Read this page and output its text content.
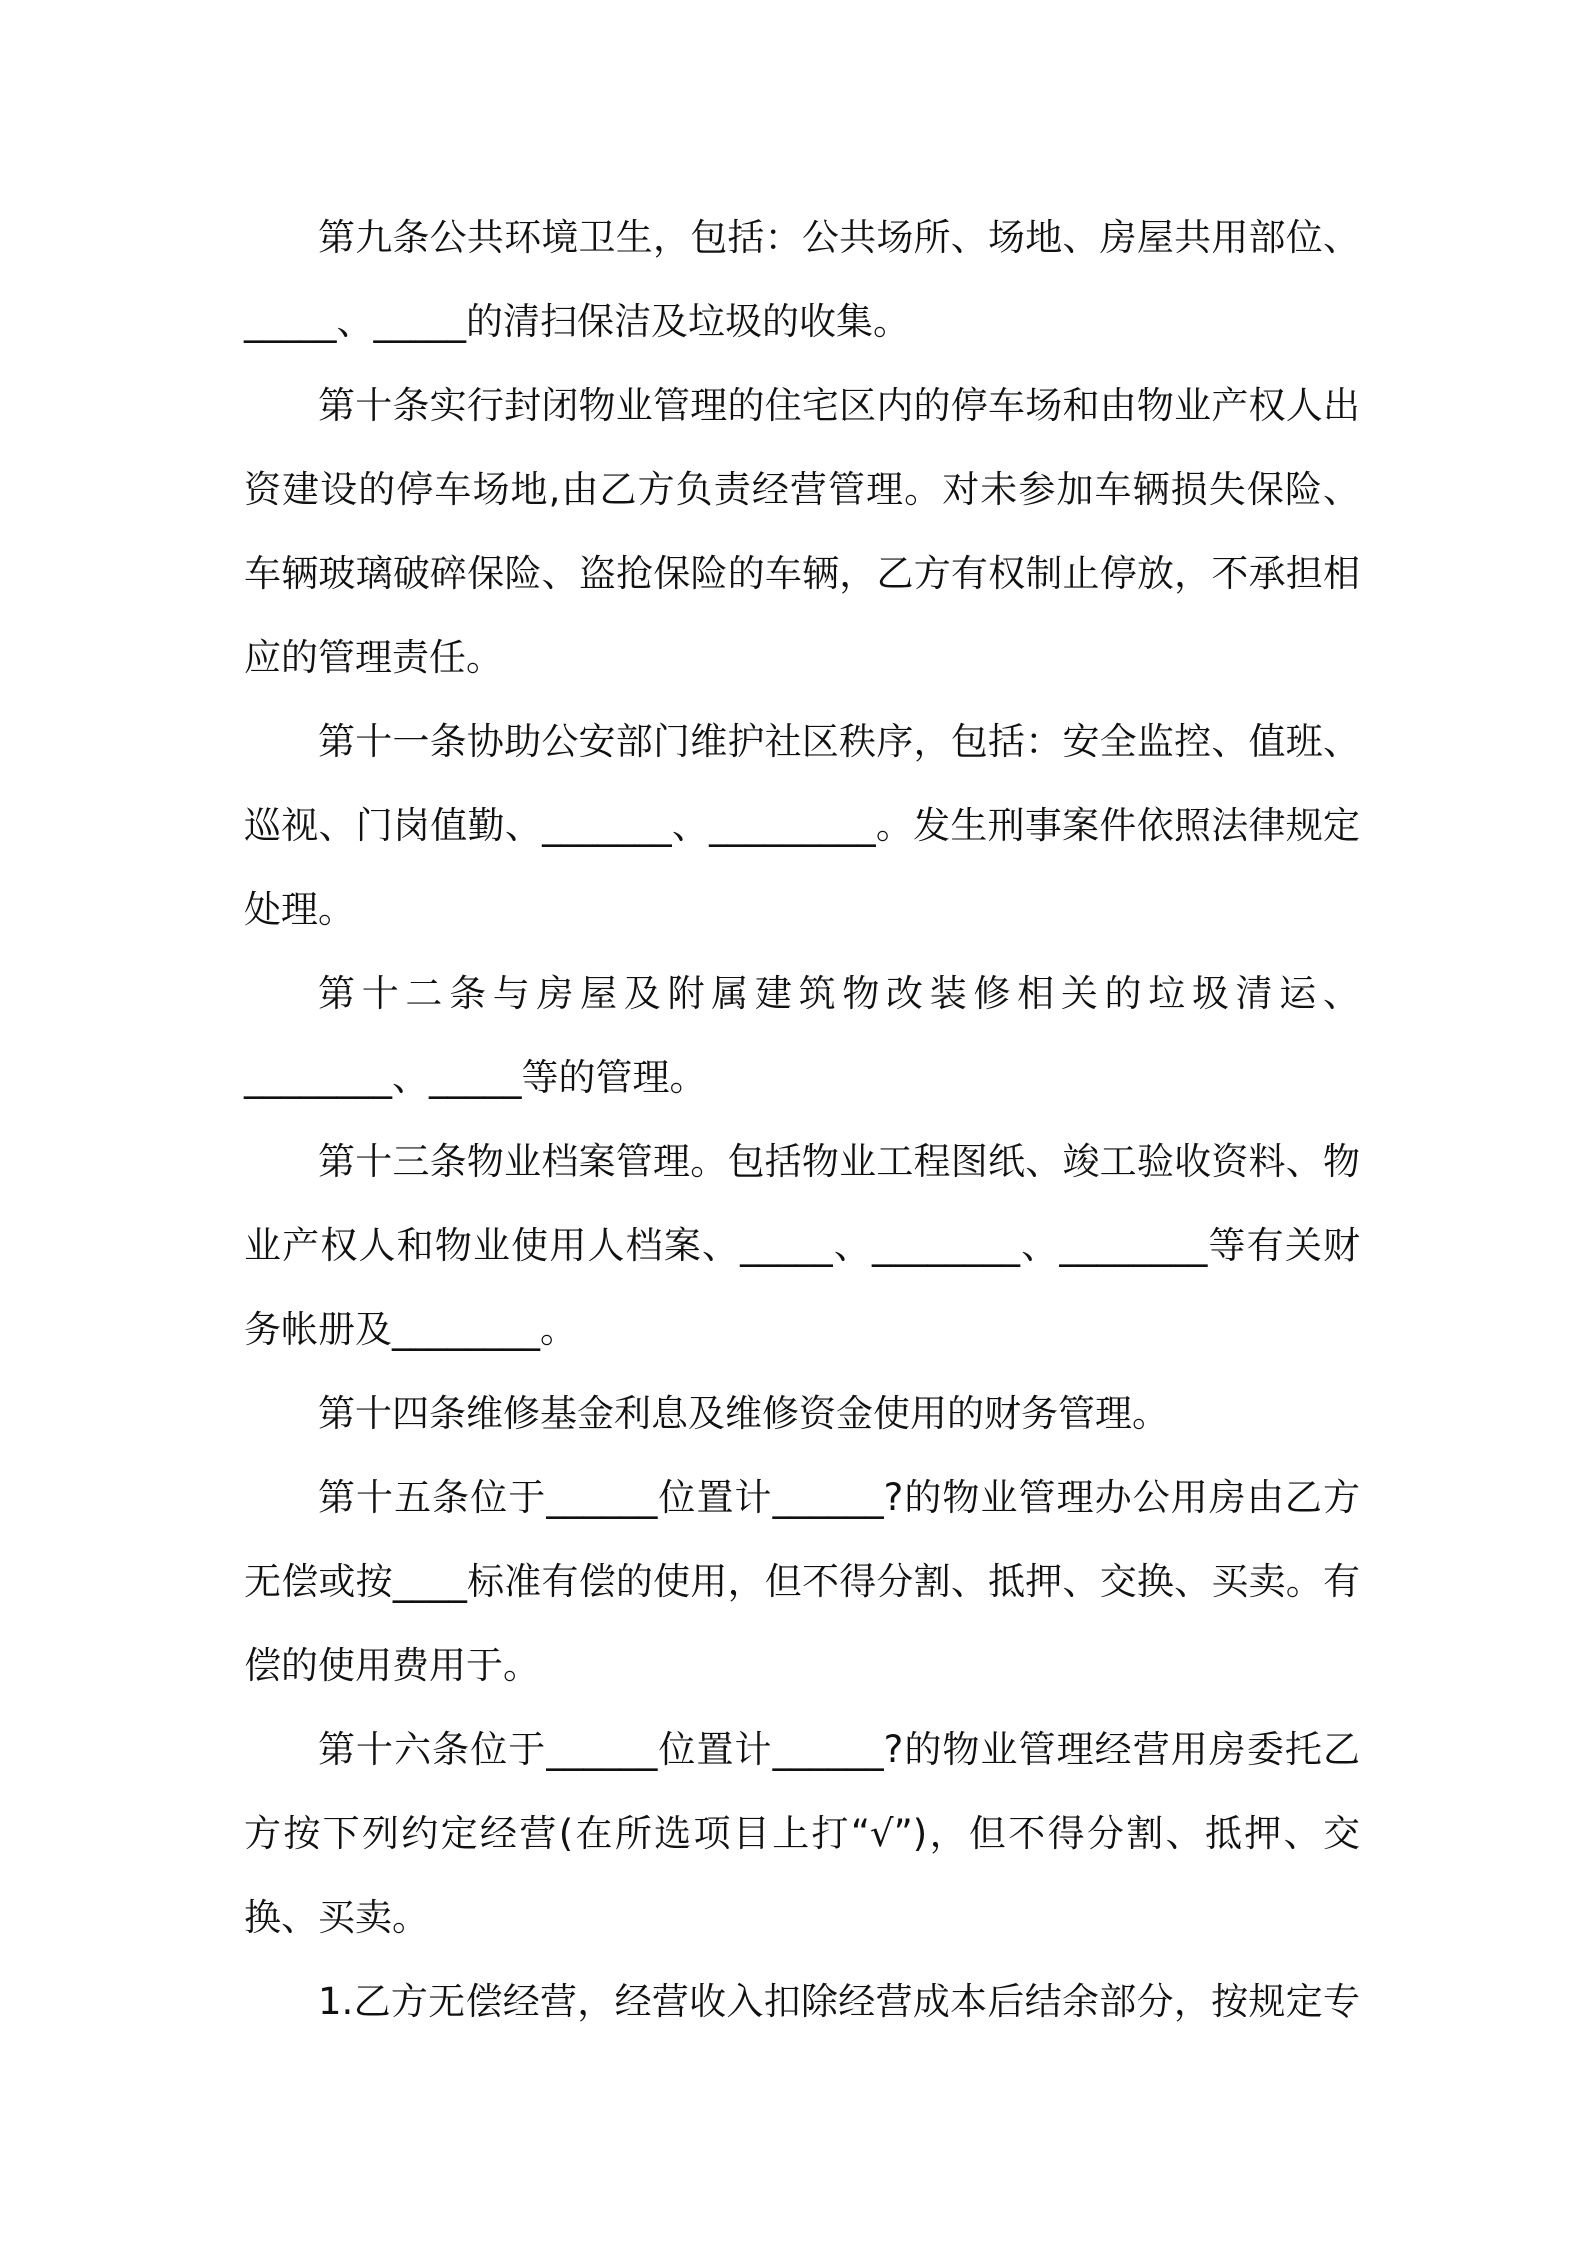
第九条公共环境卫生，包括：公共场所、场地、房屋共用部位、_____、_____的清扫保洁及垃圾的收集。

第十条实行封闭物业管理的住宅区内的停车场和由物业产权人出资建设的停车场地,由乙方负责经营管理。对未参加车辆损失保险、车辆玻璃破碎保险、盗抢保险的车辆，乙方有权制止停放，不承担相应的管理责任。

第十一条协助公安部门维护社区秩序，包括：安全监控、值班、巡视、门岗值勤、_______、_________。发生刑事案件依照法律规定处理。

第十二条与房屋及附属建筑物改装修相关的垃圾清运、________、_____等的管理。

第十三条物业档案管理。包括物业工程图纸、竣工验收资料、物业产权人和物业使用人档案、_____、________、________等有关财务帐册及________。

第十四条维修基金利息及维修资金使用的财务管理。

第十五条位于______位置计______?的物业管理办公用房由乙方无偿或按____标准有偿的使用，但不得分割、抵押、交换、买卖。有偿的使用费用于。

第十六条位于______位置计______?的物业管理经营用房委托乙方按下列约定经营(在所选项目上打“√”)，但不得分割、抵押、交换、买卖。

1.乙方无偿经营，经营收入扣除经营成本后结余部分，按规定专
